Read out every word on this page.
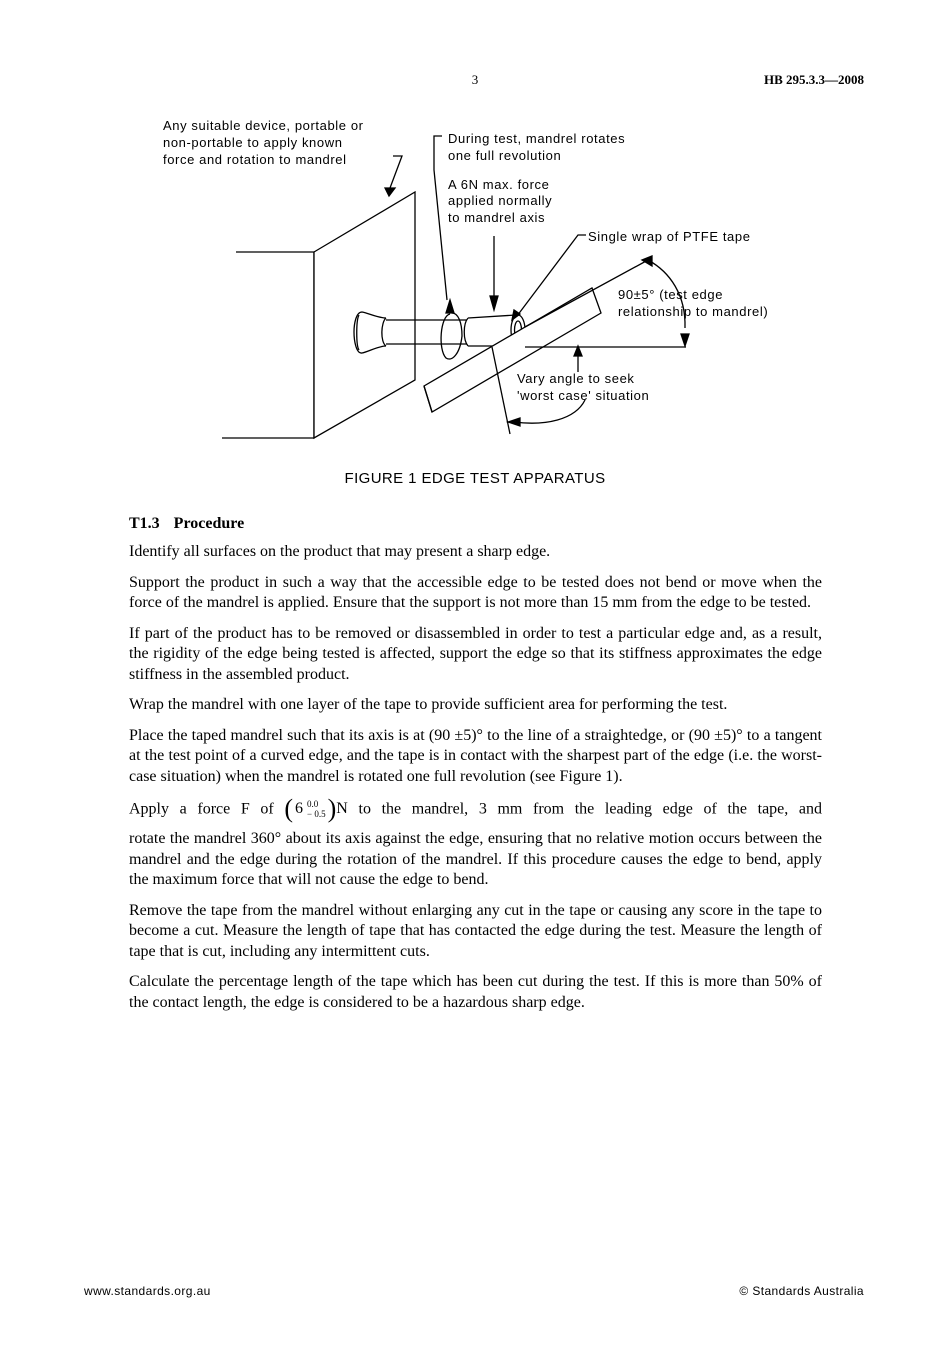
3	HB 295.3.3—2008
Any suitable device, portable or
non-portable to apply known
force and rotation to mandrel
During test, mandrel rotates
one full revolution
A 6N max. force
applied normally
to mandrel axis
Single wrap of PTFE tape
90±5° (test edge
relationship to mandrel)
Vary angle to seek
'worst case' situation
FIGURE 1 EDGE TEST APPARATUS
T1.3 Procedure

Identify all surfaces on the product that may present a sharp edge.

Support the product in such a way that the accessible edge to be tested does not bend or move when the force of the mandrel is applied. Ensure that the support is not more than 15 mm from the edge to be tested.

If part of the product has to be removed or disassembled in order to test a particular edge and, as a result, the rigidity of the edge being tested is affected, support the edge so that its stiffness approximates the edge stiffness in the assembled product.

Wrap the mandrel with one layer of the tape to provide sufficient area for performing the test.

Place the taped mandrel such that its axis is at (90 ±5)° to the line of a straightedge, or (90 ±5)° to a tangent at the test point of a curved edge, and the tape is in contact with the sharpest part of the edge (i.e. the worst-case situation) when the mandrel is rotated one full revolution (see Figure 1).

Apply a force F of ( 6 0.0
− 0.5 ) N to the mandrel, 3 mm from the leading edge of the tape, and

rotate the mandrel 360° about its axis against the edge, ensuring that no relative motion occurs between the mandrel and the edge during the rotation of the mandrel. If this procedure causes the edge to bend, apply the maximum force that will not cause the edge to bend.

Remove the tape from the mandrel without enlarging any cut in the tape or causing any score in the tape to become a cut. Measure the length of tape that has contacted the edge during the test. Measure the length of tape that is cut, including any intermittent cuts.

Calculate the percentage length of the tape which has been cut during the test. If this is more than 50% of the contact length, the edge is considered to be a hazardous sharp edge.

www.standards.org.au	© Standards Australia
